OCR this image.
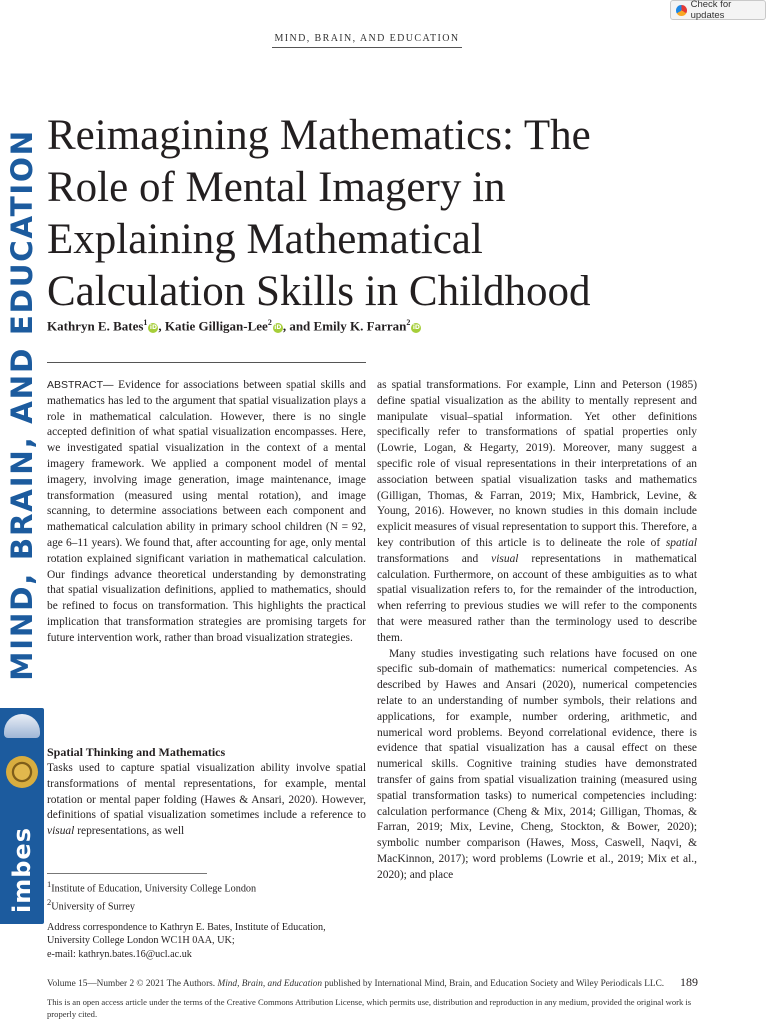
Check for updates
MIND, BRAIN, AND EDUCATION
MIND, BRAIN, AND EDUCATION
imbes
Reimagining Mathematics: The
Role of Mental Imagery in
Explaining Mathematical
Calculation Skills in Childhood
Kathryn E. Bates$^1$iD, Katie Gilligan-Lee$^2$iD, and Emily K. Farran$^2$iD

ABSTRACT— Evidence for associations between spatial skills and mathematics has led to the argument that spatial visualization plays a role in mathematical calculation. However, there is no single accepted definition of what spatial visualization encompasses. Here, we investigated spatial visualization in the context of a mental imagery framework. We applied a component model of mental imagery, involving image generation, image maintenance, image transformation (measured using mental rotation), and image scanning, to determine associations between each component and mathematical calculation ability in primary school children (N = 92, age 6–11 years). We found that, after accounting for age, only mental rotation explained significant variation in mathematical calculation. Our findings advance theoretical understanding by demonstrating that spatial visualization definitions, applied to mathematics, should be refined to focus on transformation. This highlights the practical implication that transformation strategies are promising targets for future intervention work, rather than broad visualization strategies.

Spatial Thinking and Mathematics

Tasks used to capture spatial visualization ability involve spatial transformations of mental representations, for example, mental rotation or mental paper folding (Hawes & Ansari, 2020). However, definitions of spatial visualization sometimes include a reference to visual representations, as well

$^1$Institute of Education, University College London
$^2$University of Surrey
Address correspondence to Kathryn E. Bates, Institute of Education,
University College London WC1H 0AA, UK;
e-mail: kathryn.bates.16@ucl.ac.uk

as spatial transformations. For example, Linn and Peterson (1985) define spatial visualization as the ability to mentally represent and manipulate visual–spatial information. Yet other definitions specifically refer to transformations of spatial properties only (Lowrie, Logan, & Hegarty, 2019). Moreover, many suggest a specific role of visual representations in their interpretations of an association between spatial visualization tasks and mathematics (Gilligan, Thomas, & Farran, 2019; Mix, Hambrick, Levine, & Young, 2016). However, no known studies in this domain include explicit measures of visual representation to support this. Therefore, a key contribution of this article is to delineate the role of spatial transformations and visual representations in mathematical calculation. Furthermore, on account of these ambiguities as to what spatial visualization refers to, for the remainder of the introduction, when referring to previous studies we will refer to the components that were measured rather than the terminology used to describe them.

Many studies investigating such relations have focused on one specific sub-domain of mathematics: numerical competencies. As described by Hawes and Ansari (2020), numerical competencies relate to an understanding of number symbols, their relations and applications, for example, number ordering, arithmetic, and numerical word problems. Beyond correlational evidence, there is evidence that spatial visualization has a causal effect on these numerical skills. Cognitive training studies have demonstrated transfer of gains from spatial visualization training (measured using spatial transformation tasks) to numerical competencies including: calculation performance (Cheng & Mix, 2014; Gilligan, Thomas, & Farran, 2019; Mix, Levine, Cheng, Stockton, & Bower, 2020); symbolic number comparison (Hawes, Moss, Caswell, Naqvi, & MacKinnon, 2017); word problems (Lowrie et al., 2019; Mix et al., 2020); and place

Volume 15—Number 2 © 2021 The Authors. Mind, Brain, and Education published by International Mind, Brain, and Education Society and Wiley Periodicals LLC. 189
This is an open access article under the terms of the Creative Commons Attribution License, which permits use, distribution and reproduction in any medium, provided the original work is properly cited.
